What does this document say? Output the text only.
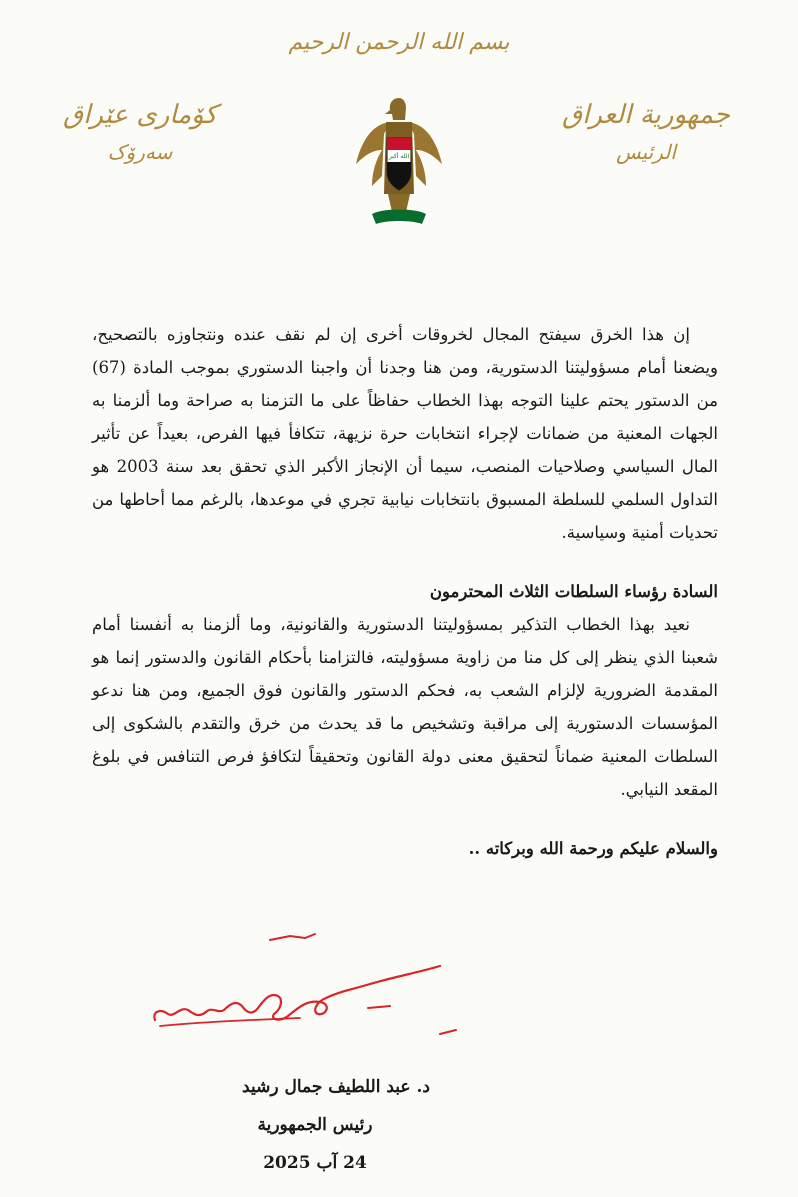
بسم الله الرحمن الرحيم
جمهورية العراق
الرئيس
كۆماری عێراق
سەرۆک	الله أكبر

إن هذا الخرق سيفتح المجال لخروقات أخرى إن لم نقف عنده ونتجاوزه بالتصحيح، ويضعنا أمام مسؤوليتنا الدستورية، ومن هنا وجدنا أن واجبنا الدستوري بموجب المادة (67) من الدستور يحتم علينا التوجه بهذا الخطاب حفاظاً على ما التزمنا به صراحة وما ألزمنا به الجهات المعنية من ضمانات لإجراء انتخابات حرة نزيهة، تتكافأ فيها الفرص، بعيداً عن تأثير المال السياسي وصلاحيات المنصب، سيما أن الإنجاز الأكبر الذي تحقق بعد سنة 2003 هو التداول السلمي للسلطة المسبوق بانتخابات نيابية تجري في موعدها، بالرغم مما أحاطها من تحديات أمنية وسياسية.

السادة رؤساء السلطات الثلاث المحترمون

نعيد بهذا الخطاب التذكير بمسؤوليتنا الدستورية والقانونية، وما ألزمنا به أنفسنا أمام شعبنا الذي ينظر إلى كل منا من زاوية مسؤوليته، فالتزامنا بأحكام القانون والدستور إنما هو المقدمة الضرورية لإلزام الشعب به، فحكم الدستور والقانون فوق الجميع، ومن هنا ندعو المؤسسات الدستورية إلى مراقبة وتشخيص ما قد يحدث من خرق والتقدم بالشكوى إلى السلطات المعنية ضماناً لتحقيق معنى دولة القانون وتحقيقاً لتكافؤ فرص التنافس في بلوغ المقعد النيابي.

والسلام عليكم ورحمة الله وبركاته ..

د. عبد اللطيف جمال رشيد
رئيس الجمهورية
24 آب 2025
